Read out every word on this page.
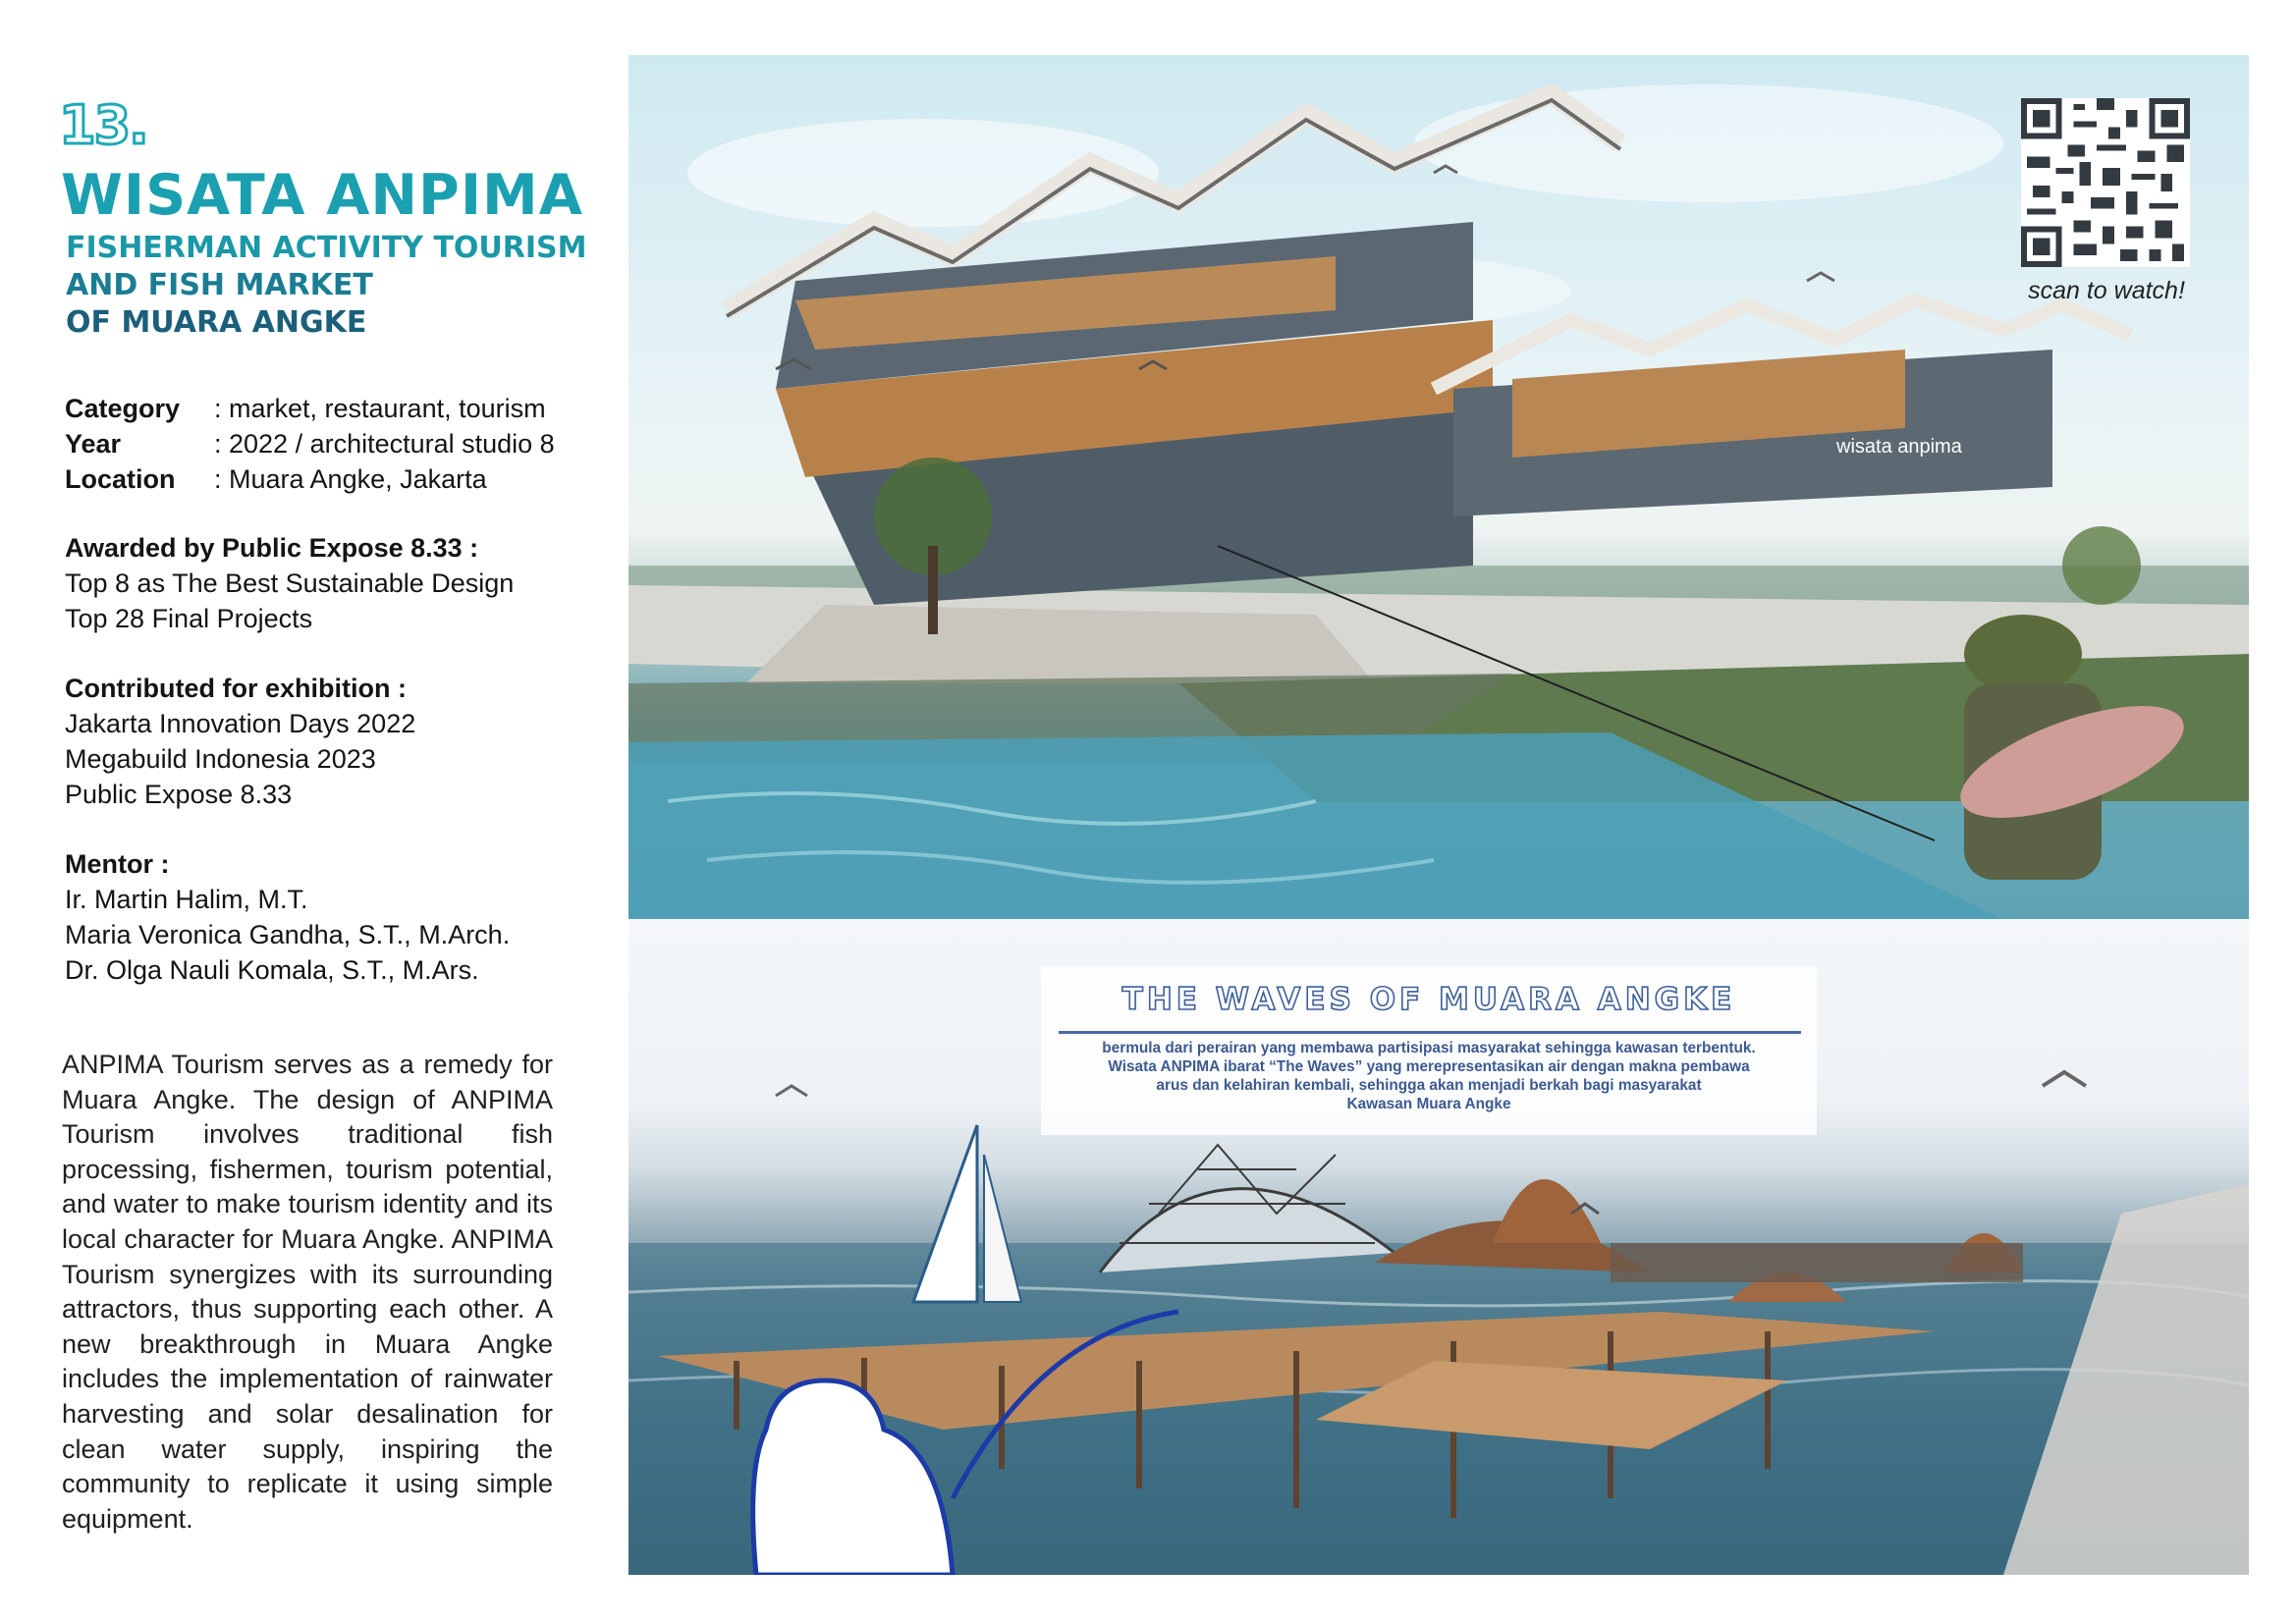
13.
WISATA ANPIMA
FISHERMAN ACTIVITY TOURISM
AND FISH MARKET
OF MUARA ANGKE
Category	: market, restaurant, tourism
Year	: 2022 / architectural studio 8
Location	: Muara Angke, Jakarta
Awarded by Public Expose 8.33 :
Top 8 as The Best Sustainable Design
Top 28 Final Projects
Contributed for exhibition :
Jakarta Innovation Days 2022
Megabuild Indonesia 2023
Public Expose 8.33
Mentor :
Ir. Martin Halim, M.T.
Maria Veronica Gandha, S.T., M.Arch.
Dr. Olga Nauli Komala, S.T., M.Ars.
ANPIMA Tourism serves as a remedy for Muara Angke. The design of ANPIMA Tourism involves traditional fish processing, fishermen, tourism potential, and water to make tourism identity and its local character for Muara Angke. ANPIMA Tourism synergizes with its surrounding attractors, thus supporting each other. A new breakthrough in Muara Angke includes the implementation of rainwater harvesting and solar desalination for clean water supply, inspiring the community to replicate it using simple equipment.
wisata anpima
scan to watch!
THE WAVES OF MUARA ANGKE
bermula dari perairan yang membawa partisipasi masyarakat sehingga kawasan terbentuk.
Wisata ANPIMA ibarat “The Waves” yang merepresentasikan air dengan makna pembawa
arus dan kelahiran kembali, sehingga akan menjadi berkah bagi masyarakat
Kawasan Muara Angke
